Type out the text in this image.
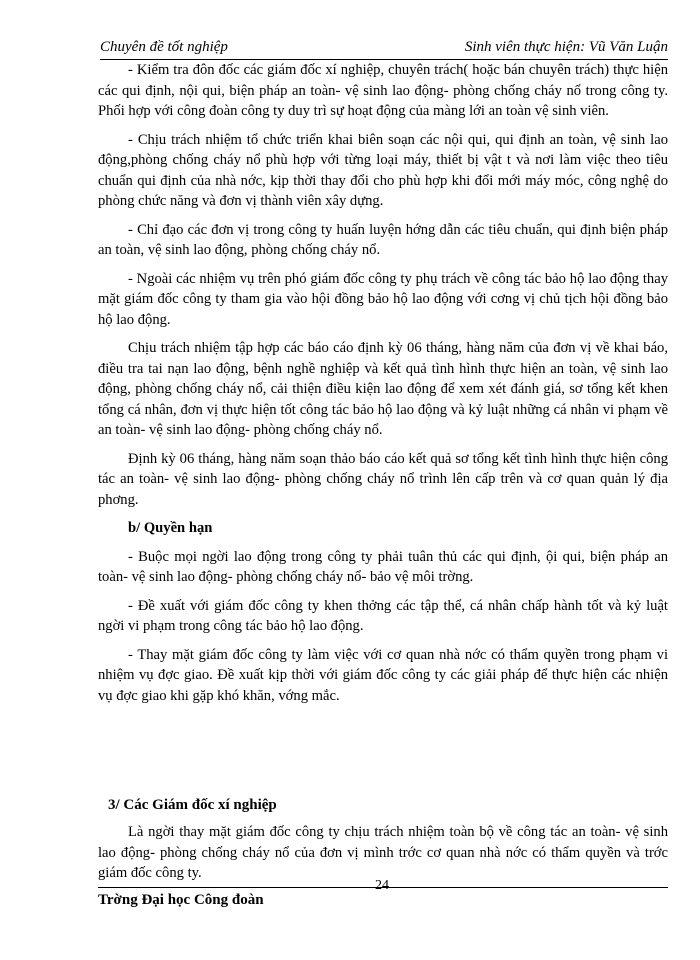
Chuyên đề tốt nghiệp	Sinh viên thực hiện: Vũ Văn Luận

- Kiểm tra đôn đốc các giám đốc xí nghiệp, chuyên trách( hoặc bán chuyên trách) thực hiện các qui định, nội qui, biện pháp an toàn- vệ sinh lao động- phòng chống cháy nổ trong công ty. Phối hợp với công đoàn công ty duy trì sự hoạt động của màng lới an toàn vệ sinh viên.

- Chịu trách nhiệm tổ chức triển khai biên soạn các nội qui, qui định an toàn, vệ sinh lao động,phòng chống cháy nổ phù hợp với từng loại máy, thiết bị vật t và nơi làm việc theo tiêu chuẩn qui định của nhà nớc, kịp thời thay đổi cho phù hợp khi đổi mới máy móc, công nghệ do phòng chức năng và đơn vị thành viên xây dựng.

- Chỉ đạo các đơn vị trong công ty huấn luyện hớng dẫn các tiêu chuẩn, qui định biện pháp an toàn, vệ sinh lao động, phòng chống cháy nổ.

- Ngoài các nhiệm vụ trên phó giám đốc công ty phụ trách về công tác bảo hộ lao động thay mặt giám đốc công ty tham gia vào hội đồng bảo hộ lao động với cơng vị chủ tịch hội đồng bảo hộ lao động.

Chịu trách nhiệm tập hợp các báo cáo định kỳ 06 tháng, hàng năm của đơn vị về khai báo, điều tra tai nạn lao động, bệnh nghề nghiệp và kết quả tình hình thực hiện an toàn, vệ sinh lao động, phòng chống cháy nổ, cải thiện điều kiện lao động để xem xét đánh giá, sơ tổng kết khen tổng cá nhân, đơn vị thực hiện tốt công tác bảo hộ lao động và kỷ luật những cá nhân vi phạm về an toàn- vệ sinh lao động- phòng chống cháy nổ.

Định kỳ 06 tháng, hàng năm soạn thảo báo cáo kết quả sơ tổng kết tình hình thực hiện công tác an toàn- vệ sinh lao động- phòng chống cháy nổ trình lên cấp trên và cơ quan quản lý địa phơng.

b/ Quyền hạn

- Buộc mọi ngời lao động trong công ty phải tuân thủ các qui định, ội qui, biện pháp an toàn- vệ sinh lao động- phòng chống cháy nổ- bảo vệ môi trờng.

- Đề xuất với giám đốc công ty khen thởng các tập thể, cá nhân chấp hành tốt và kỷ luật ngời vi phạm trong công tác bảo hộ lao động.

- Thay mặt giám đốc công ty làm việc với cơ quan nhà nớc có thẩm quyền trong phạm vi nhiệm vụ đợc giao. Đề xuất kịp thời với giám đốc công ty các giải pháp để thực hiện các nhiện vụ đợc giao khi gặp khó khăn, vớng mắc.

3/ Các Giám đốc xí nghiệp
Là ngời thay mặt giám đốc công ty chịu trách nhiệm toàn bộ về công tác an toàn- vệ sinh lao động- phòng chống cháy nổ của đơn vị mình trớc cơ quan nhà nớc có thẩm quyền và trớc giám đốc công ty.
Trờng Đại học Công đoàn
24
